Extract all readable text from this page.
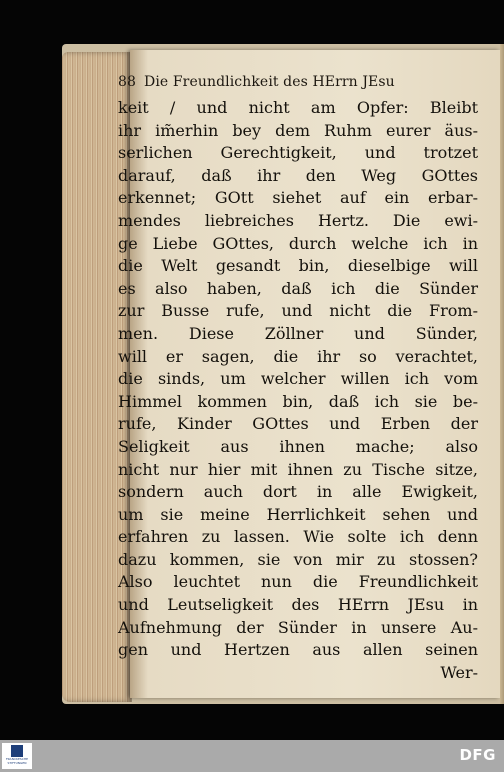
88 Die Freundlichkeit des HErrn JEsu
keit / und nicht am Opfer: Bleibt
ihr im̃erhin bey dem Ruhm eurer äus-
serlichen Gerechtigkeit, und trotzet
darauf, daß ihr den Weg GOttes
erkennet; GOtt siehet auf ein erbar-
mendes liebreiches Hertz. Die ewi-
ge Liebe GOttes, durch welche ich in
die Welt gesandt bin, dieselbige will
es also haben, daß ich die Sünder
zur Busse rufe, und nicht die From-
men. Diese Zöllner und Sünder,
will er sagen, die ihr so verachtet,
die sinds, um welcher willen ich vom
Himmel kommen bin, daß ich sie be-
rufe, Kinder GOttes und Erben der
Seligkeit aus ihnen mache; also
nicht nur hier mit ihnen zu Tische sitze,
sondern auch dort in alle Ewigkeit,
um sie meine Herrlichkeit sehen und
erfahren zu lassen. Wie solte ich denn
dazu kommen, sie von mir zu stossen?
Also leuchtet nun die Freundlichkeit
und Leutseligkeit des HErrn JEsu in
Aufnehmung der Sünder in unsere Au-
gen und Hertzen aus allen seinen
Wer-
FRANCKESCHE STIFTUNGEN	DFG
